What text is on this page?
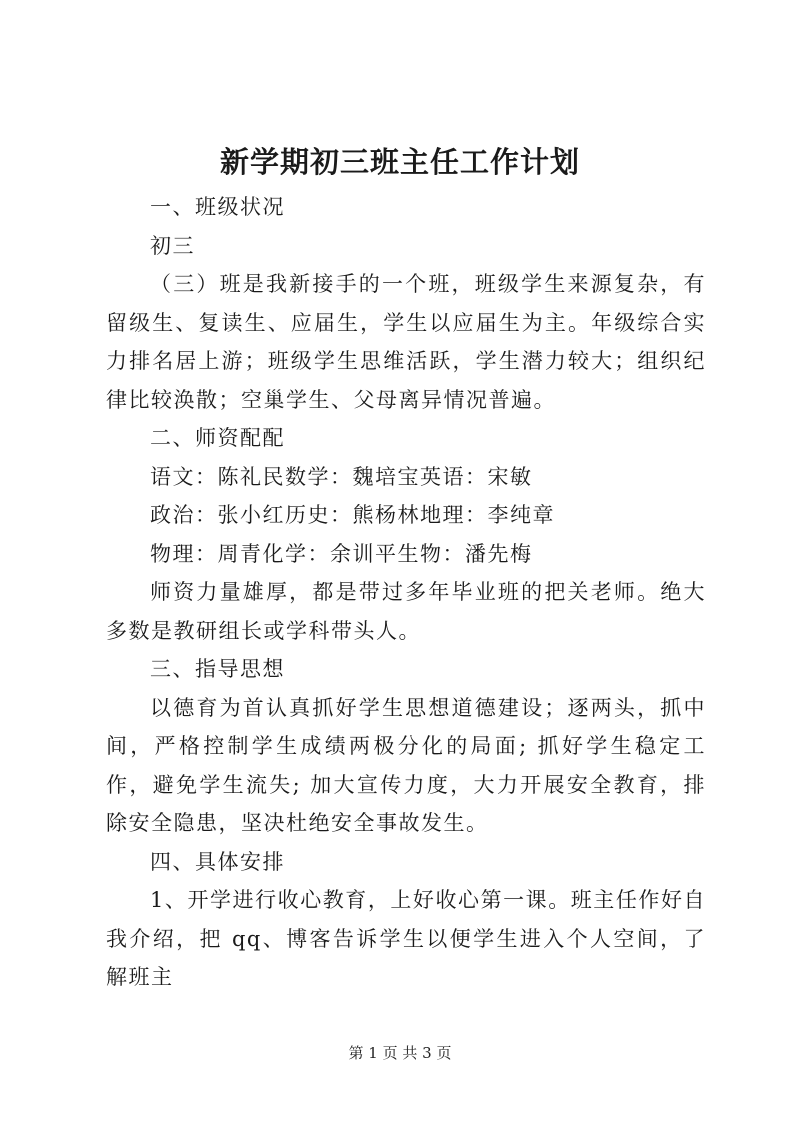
新学期初三班主任工作计划

一、班级状况

初三

（三）班是我新接手的一个班，班级学生来源复杂，有留级生、复读生、应届生，学生以应届生为主。年级综合实力排名居上游；班级学生思维活跃，学生潜力较大；组织纪律比较涣散；空巢学生、父母离异情况普遍。

二、师资配配

语文：陈礼民数学：魏培宝英语：宋敏

政治：张小红历史：熊杨林地理：李纯章

物理：周青化学：余训平生物：潘先梅

师资力量雄厚，都是带过多年毕业班的把关老师。绝大多数是教研组长或学科带头人。

三、指导思想

以德育为首认真抓好学生思想道德建设；逐两头，抓中间，严格控制学生成绩两极分化的局面; 抓好学生稳定工作，避免学生流失; 加大宣传力度，大力开展安全教育，排除安全隐患，坚决杜绝安全事故发生。

四、具体安排

1、开学进行收心教育，上好收心第一课。班主任作好自我介绍，把 qq、博客告诉学生以便学生进入个人空间，了解班主

第 1 页 共 3 页
